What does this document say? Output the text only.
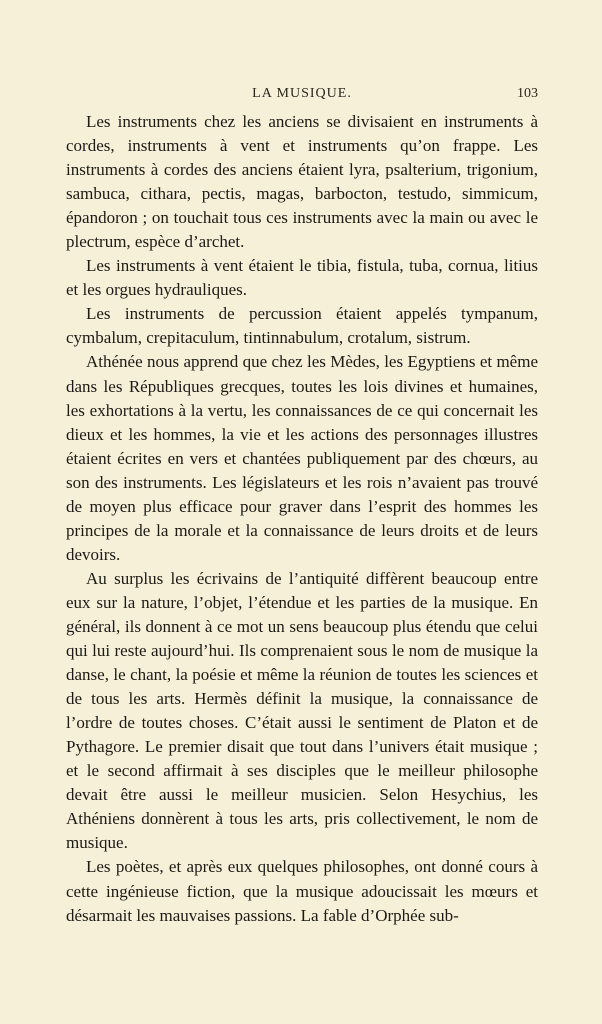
LA MUSIQUE.	103

Les instruments chez les anciens se divisaient en instruments à cordes, instruments à vent et instruments qu’on frappe. Les instruments à cordes des anciens étaient lyra, psalterium, trigonium, sambuca, cithara, pectis, magas, barbocton, testudo, simmicum, épandoron ; on touchait tous ces instruments avec la main ou avec le plectrum, espèce d’archet.

Les instruments à vent étaient le tibia, fistula, tuba, cornua, litius et les orgues hydrauliques.

Les instruments de percussion étaient appelés tympanum, cymbalum, crepitaculum, tintinnabulum, crotalum, sistrum.

Athénée nous apprend que chez les Mèdes, les Egyptiens et même dans les Républiques grecques, toutes les lois divines et humaines, les exhortations à la vertu, les connaissances de ce qui concernait les dieux et les hommes, la vie et les actions des personnages illustres étaient écrites en vers et chantées publiquement par des chœurs, au son des instruments. Les législateurs et les rois n’avaient pas trouvé de moyen plus efficace pour graver dans l’esprit des hommes les principes de la morale et la connaissance de leurs droits et de leurs devoirs.

Au surplus les écrivains de l’antiquité diffèrent beaucoup entre eux sur la nature, l’objet, l’étendue et les parties de la musique. En général, ils donnent à ce mot un sens beaucoup plus étendu que celui qui lui reste aujourd’hui. Ils comprenaient sous le nom de musique la danse, le chant, la poésie et même la réunion de toutes les sciences et de tous les arts. Hermès définit la musique, la connaissance de l’ordre de toutes choses. C’était aussi le sentiment de Platon et de Pythagore. Le premier disait que tout dans l’univers était musique ; et le second affirmait à ses disciples que le meilleur philosophe devait être aussi le meilleur musicien. Selon Hesychius, les Athéniens donnèrent à tous les arts, pris collectivement, le nom de musique.

Les poètes, et après eux quelques philosophes, ont donné cours à cette ingénieuse fiction, que la musique adoucissait les mœurs et désarmait les mauvaises passions. La fable d’Orphée sub-
